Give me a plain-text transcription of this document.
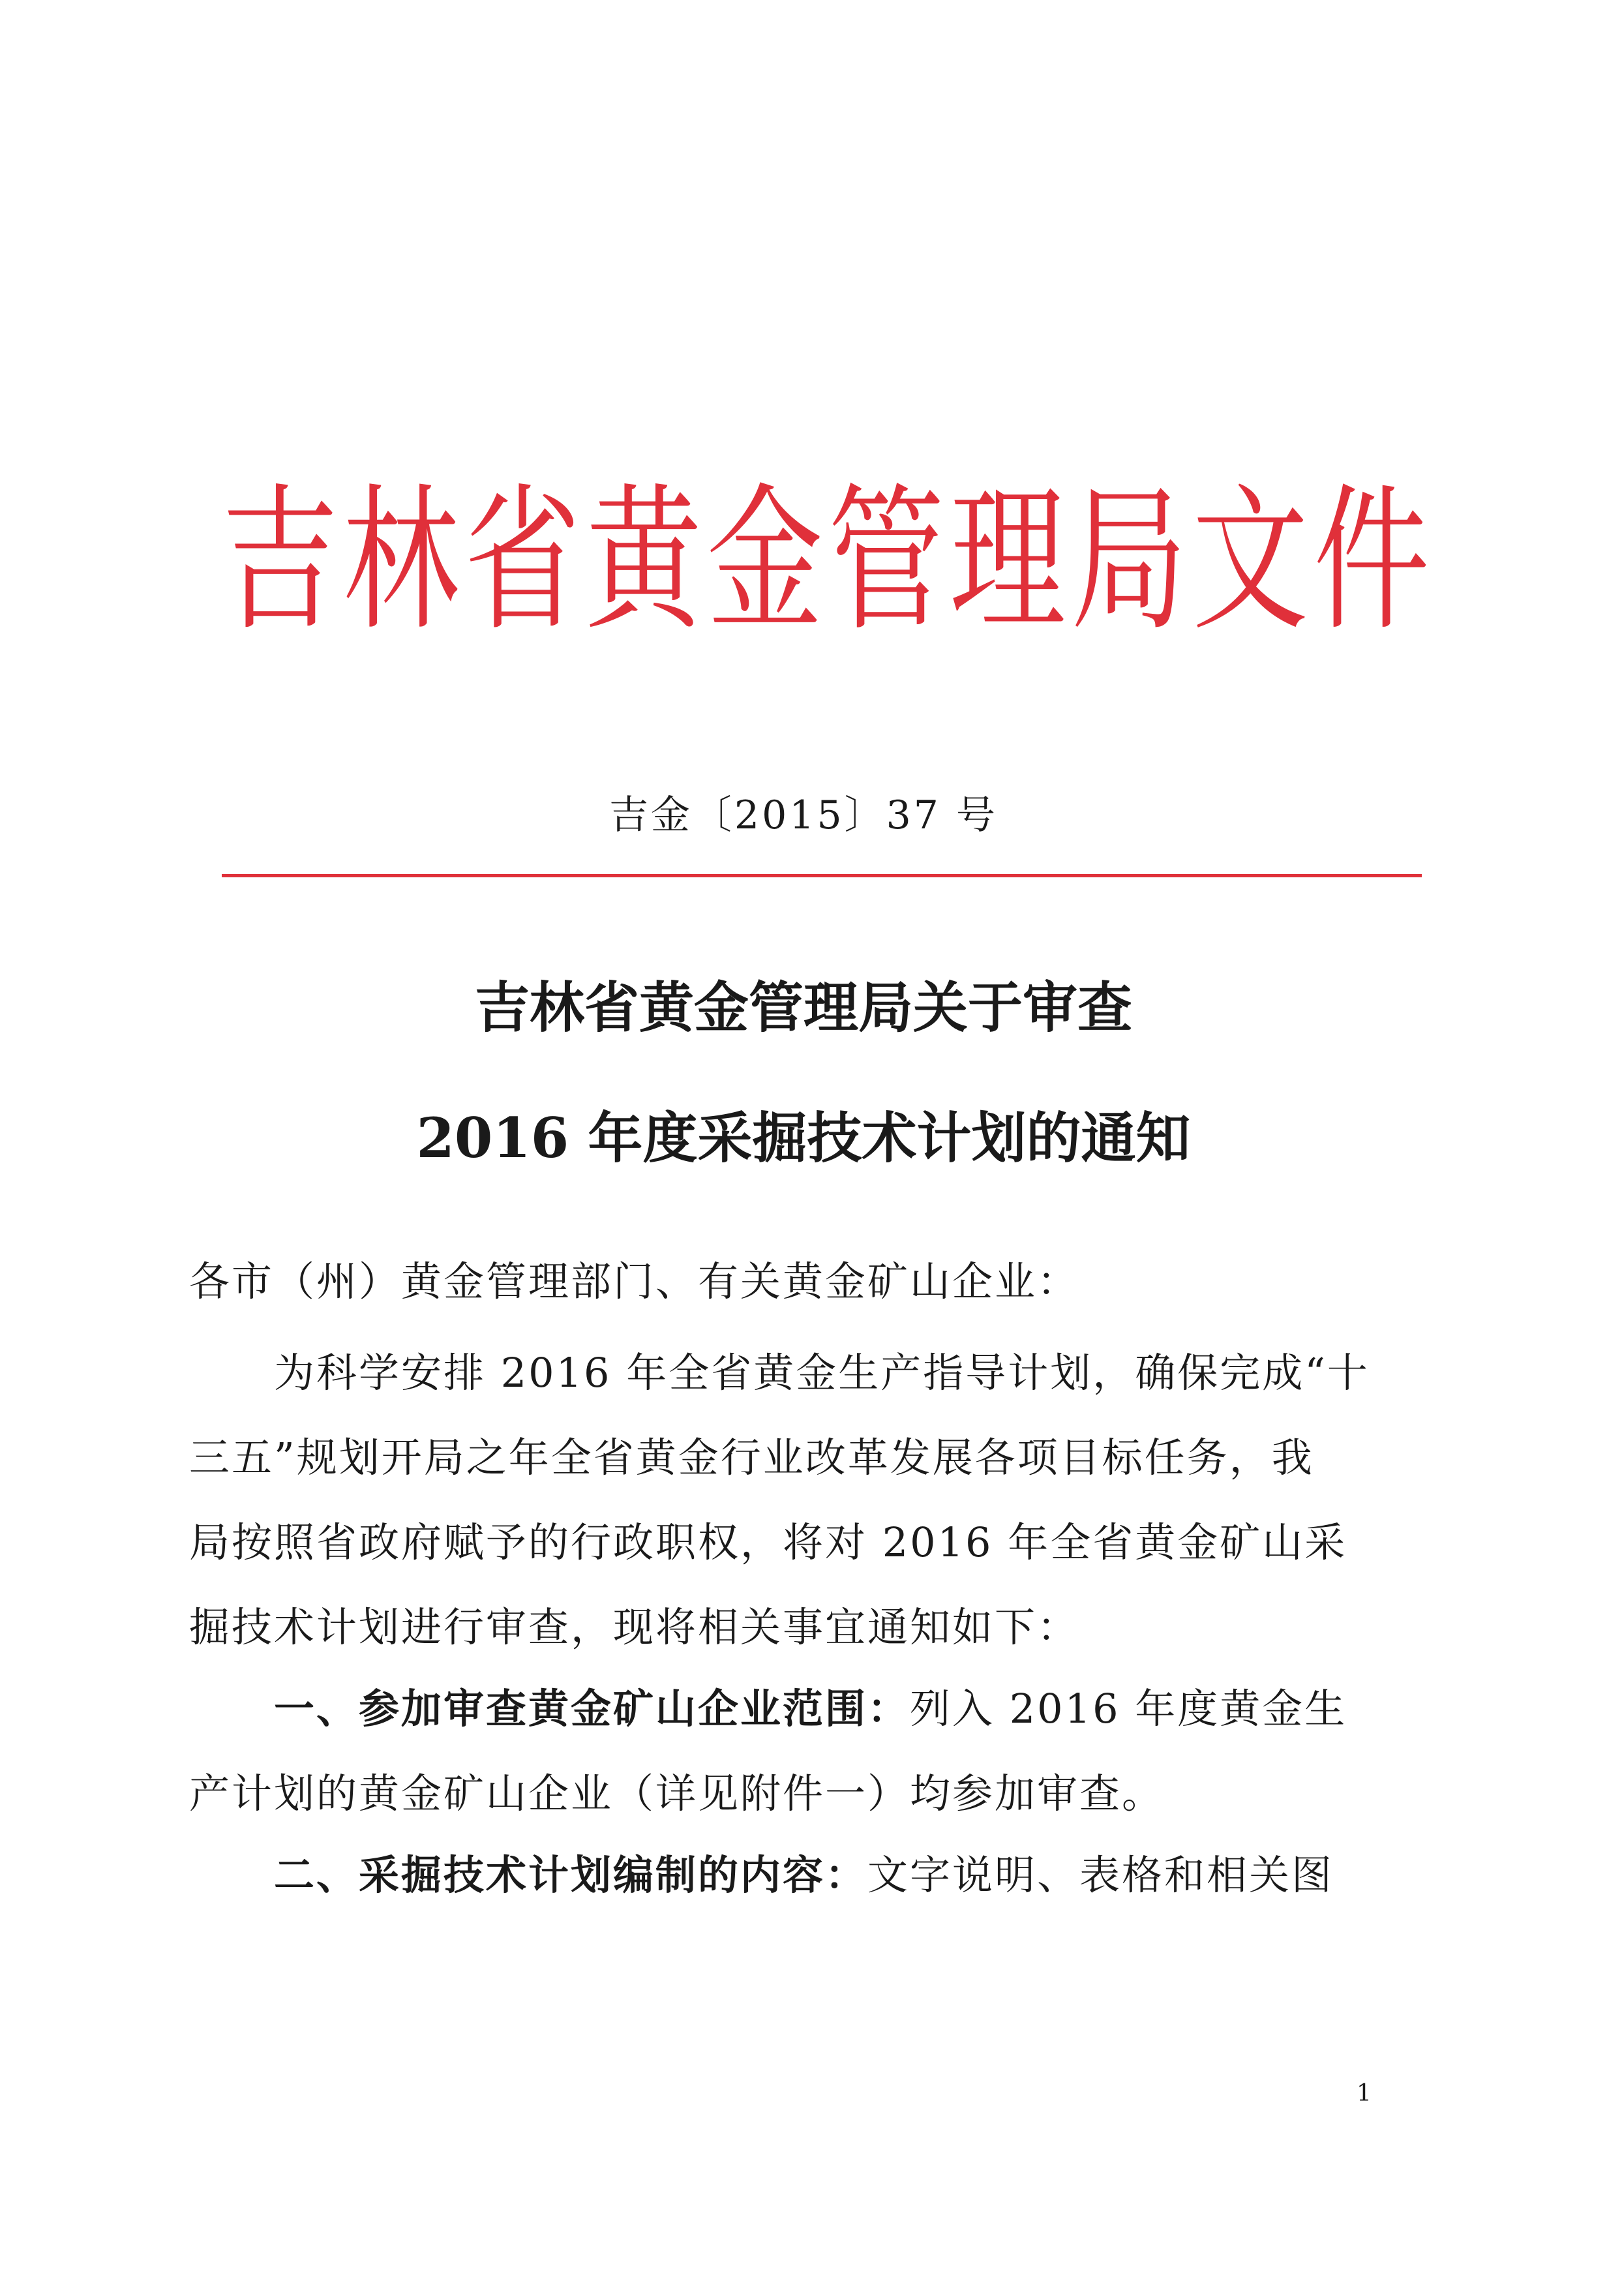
吉林省黄金管理局文件
吉金〔2015〕37 号
吉林省黄金管理局关于审查
2016 年度采掘技术计划的通知
各市（州）黄金管理部门、有关黄金矿山企业：
为科学安排 2016 年全省黄金生产指导计划，确保完成“十
三五”规划开局之年全省黄金行业改革发展各项目标任务，我
局按照省政府赋予的行政职权，将对 2016 年全省黄金矿山采
掘技术计划进行审查，现将相关事宜通知如下：
一、参加审查黄金矿山企业范围：列入 2016 年度黄金生
产计划的黄金矿山企业（详见附件一）均参加审查。
二、采掘技术计划编制的内容：文字说明、表格和相关图
1
